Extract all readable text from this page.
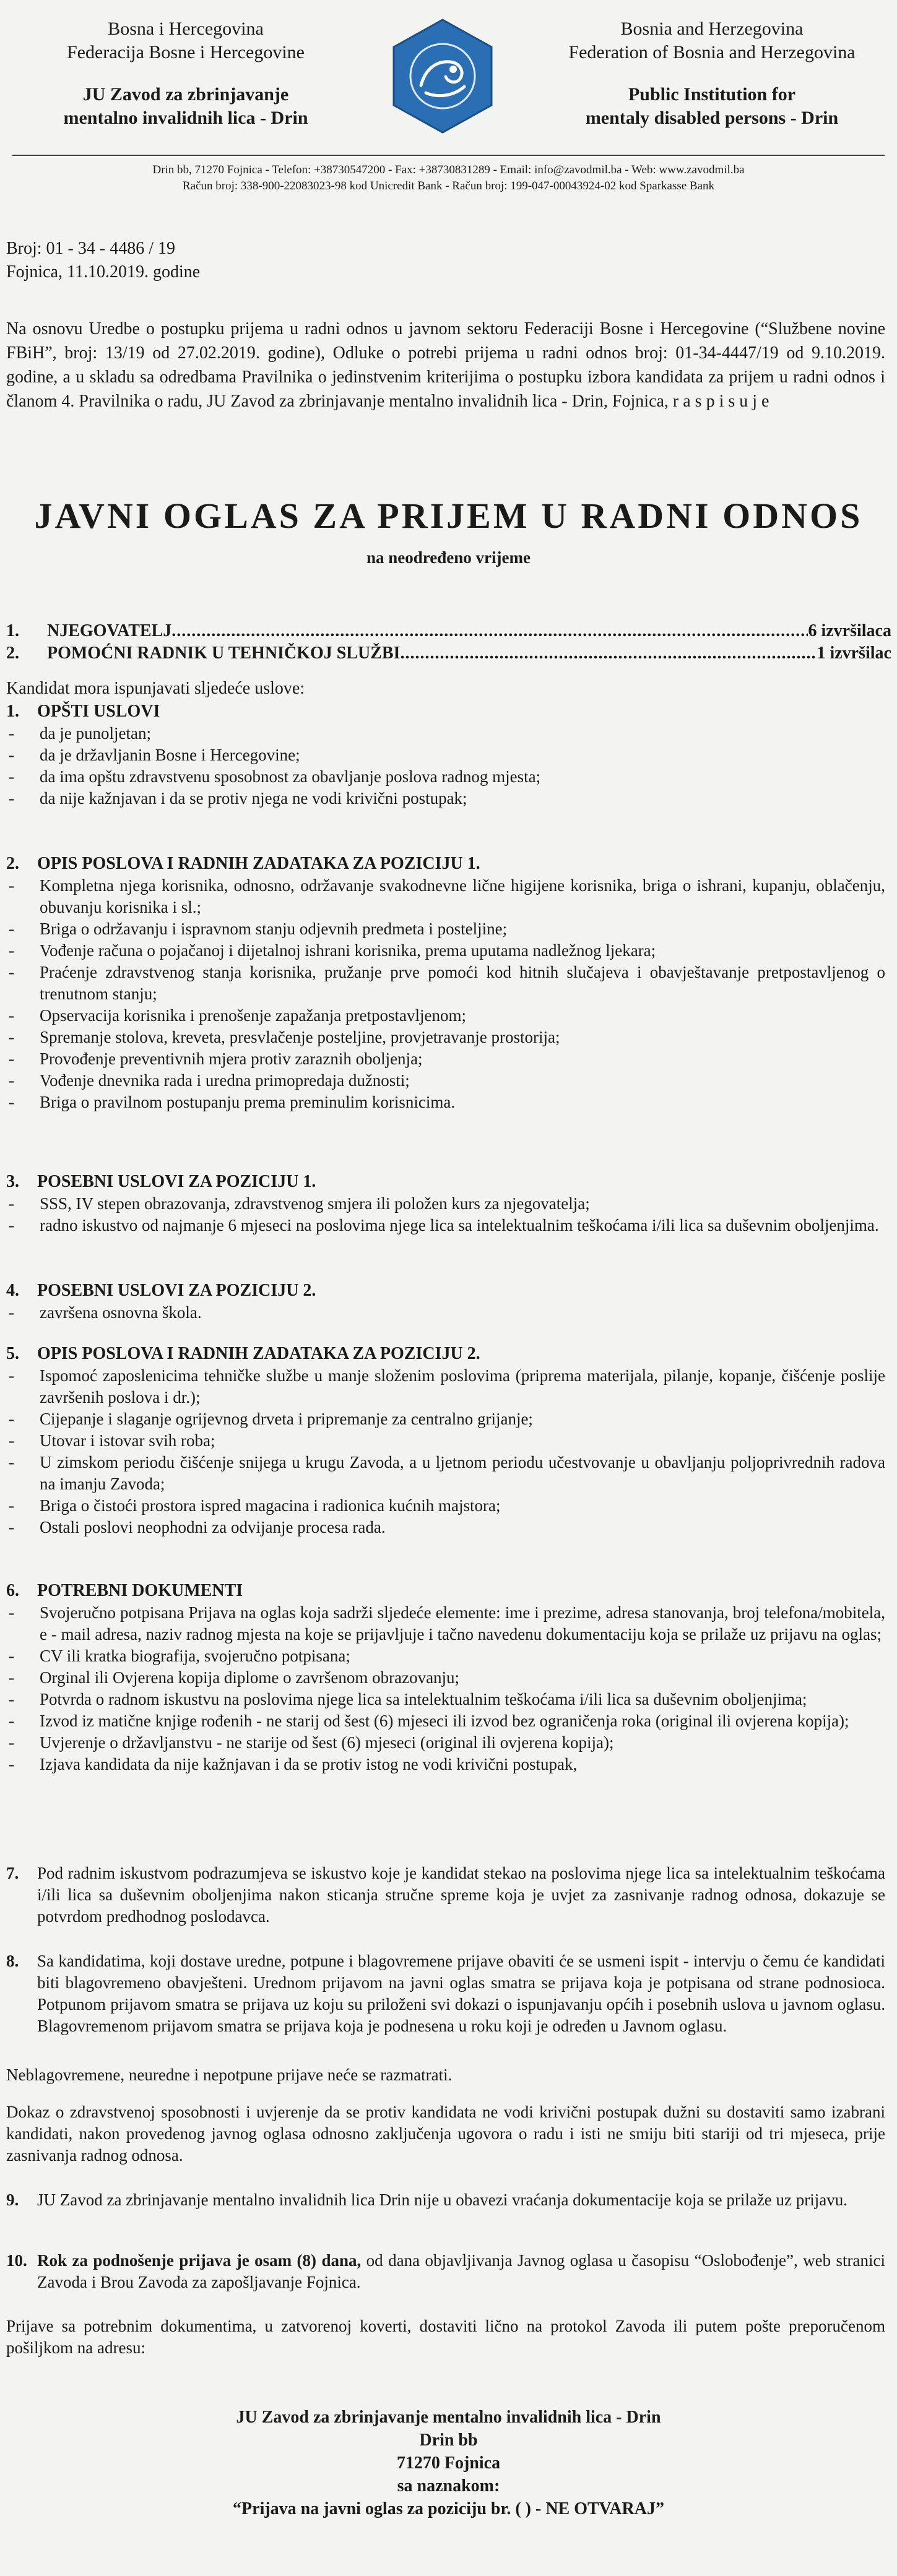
Bosna i Hercegovina
Federacija Bosne i Hercegovine
JU Zavod za zbrinjavanje
mentalno invalidnih lica - Drin
Bosnia and Herzegovina
Federation of Bosnia and Herzegovina
Public Institution for
mentaly disabled persons - Drin
Drin bb, 71270 Fojnica - Telefon: +38730547200 - Fax: +38730831289 - Email: info@zavodmil.ba - Web: www.zavodmil.ba
Račun broj: 338-900-22083023-98 kod Unicredit Bank - Račun broj: 199-047-00043924-02 kod Sparkasse Bank
Broj: 01 - 34 - 4486 / 19
Fojnica, 11.10.2019. godine
Na osnovu Uredbe o postupku prijema u radni odnos u javnom sektoru Federaciji Bosne i Hercegovine (“Službene novine FBiH”, broj: 13/19 od 27.02.2019. godine), Odluke o potrebi prijema u radni odnos broj: 01-34-4447/19 od 9.10.2019. godine, a u skladu sa odredbama Pravilnika o jedinstvenim kriterijima o postupku izbora kandidata za prijem u radni odnos i članom 4. Pravilnika o radu, JU Zavod za zbrinjavanje mentalno invalidnih lica - Drin, Fojnica, r a s p i s u j e
JAVNI OGLAS ZA PRIJEM U RADNI ODNOS
na neodređeno vrijeme
1.	NJEGOVATELJ .....	6 izvršilaca
2.	POMOĆNI RADNIK U TEHNIČKOJ SLUŽBI .....	1 izvršilac
Kandidat mora ispunjavati sljedeće uslove:
1.	OPŠTI USLOVI
-	da je punoljetan;
-	da je državljanin Bosne i Hercegovine;
-	da ima opštu zdravstvenu sposobnost za obavljanje poslova radnog mjesta;
-	da nije kažnjavan i da se protiv njega ne vodi krivični postupak;
2.	OPIS POSLOVA I RADNIH ZADATAKA ZA POZICIJU 1.
-	Kompletna njega korisnika, odnosno, održavanje svakodnevne lične higijene korisnika, briga o ishrani, kupanju, oblačenju, obuvanju korisnika i sl.;
-	Briga o održavanju i ispravnom stanju odjevnih predmeta i posteljine;
-	Vođenje računa o pojačanoj i dijetalnoj ishrani korisnika, prema uputama nadležnog ljekara;
-	Praćenje zdravstvenog stanja korisnika, pružanje prve pomoći kod hitnih slučajeva i obavještavanje pretpostavljenog o trenutnom stanju;
-	Opservacija korisnika i prenošenje zapažanja pretpostavljenom;
-	Spremanje stolova, kreveta, presvlačenje posteljine, provjetravanje prostorija;
-	Provođenje preventivnih mjera protiv zaraznih oboljenja;
-	Vođenje dnevnika rada i uredna primopredaja dužnosti;
-	Briga o pravilnom postupanju prema preminulim korisnicima.
3.	POSEBNI USLOVI ZA POZICIJU 1.
-	SSS, IV stepen obrazovanja, zdravstvenog smjera ili položen kurs za njegovatelja;
-	radno iskustvo od najmanje 6 mjeseci na poslovima njege lica sa intelektualnim teškoćama i/ili lica sa duševnim oboljenjima.
4.	POSEBNI USLOVI ZA POZICIJU 2.
-	završena osnovna škola.
5.	OPIS POSLOVA I RADNIH ZADATAKA ZA POZICIJU 2.
-	Ispomoć zaposlenicima tehničke službe u manje složenim poslovima (priprema materijala, pilanje, kopanje, čišćenje poslije završenih poslova i dr.);
-	Cijepanje i slaganje ogrijevnog drveta i pripremanje za centralno grijanje;
-	Utovar i istovar svih roba;
-	U zimskom periodu čišćenje snijega u krugu Zavoda, a u ljetnom periodu učestvovanje u obavljanju poljoprivrednih radova na imanju Zavoda;
-	Briga o čistoći prostora ispred magacina i radionica kućnih majstora;
-	Ostali poslovi neophodni za odvijanje procesa rada.
6.	POTREBNI DOKUMENTI
-	Svojeručno potpisana Prijava na oglas koja sadrži sljedeće elemente: ime i prezime, adresa stanovanja, broj telefona/mobitela, e - mail adresa, naziv radnog mjesta na koje se prijavljuje i tačno navedenu dokumentaciju koja se prilaže uz prijavu na oglas;
-	CV ili kratka biografija, svojeručno potpisana;
-	Orginal ili Ovjerena kopija diplome o završenom obrazovanju;
-	Potvrda o radnom iskustvu na poslovima njege lica sa intelektualnim teškoćama i/ili lica sa duševnim oboljenjima;
-	Izvod iz matične knjige rođenih - ne starij od šest (6) mjeseci ili izvod bez ograničenja roka (original ili ovjerena kopija);
-	Uvjerenje o državljanstvu - ne starije od šest (6) mjeseci (original ili ovjerena kopija);
-	Izjava kandidata da nije kažnjavan i da se protiv istog ne vodi krivični postupak,
7.	Pod radnim iskustvom podrazumjeva se iskustvo koje je kandidat stekao na poslovima njege lica sa intelektualnim teškoćama i/ili lica sa duševnim oboljenjima nakon sticanja stručne spreme koja je uvjet za zasnivanje radnog odnosa, dokazuje se potvrdom predhodnog poslodavca.
8.	Sa kandidatima, koji dostave uredne, potpune i blagovremene prijave obaviti će se usmeni ispit - intervju o čemu će kandidati biti blagovremeno obavješteni. Urednom prijavom na javni oglas smatra se prijava koja je potpisana od strane podnosioca. Potpunom prijavom smatra se prijava uz koju su priloženi svi dokazi o ispunjavanju općih i posebnih uslova u javnom oglasu. Blagovremenom prijavom smatra se prijava koja je podnesena u roku koji je određen u Javnom oglasu.
Neblagovremene, neuredne i nepotpune prijave neće se razmatrati.
Dokaz o zdravstvenoj sposobnosti i uvjerenje da se protiv kandidata ne vodi krivični postupak dužni su dostaviti samo izabrani kandidati, nakon provedenog javnog oglasa odnosno zaključenja ugovora o radu i isti ne smiju biti stariji od tri mjeseca, prije zasnivanja radnog odnosa.
9.	JU Zavod za zbrinjavanje mentalno invalidnih lica Drin nije u obavezi vraćanja dokumentacije koja se prilaže uz prijavu.
10. Rok za podnošenje prijava je osam (8) dana, od dana objavljivanja Javnog oglasa u časopisu “Oslobođenje”, web stranici Zavoda i Brou Zavoda za zapošljavanje Fojnica.
Prijave sa potrebnim dokumentima, u zatvorenoj koverti, dostaviti lično na protokol Zavoda ili putem pošte preporučenom pošiljkom na adresu:
JU Zavod za zbrinjavanje mentalno invalidnih lica - Drin
Drin bb
71270 Fojnica
sa naznakom:
“Prijava na javni oglas za poziciju br. ( ) - NE OTVARAJ”
